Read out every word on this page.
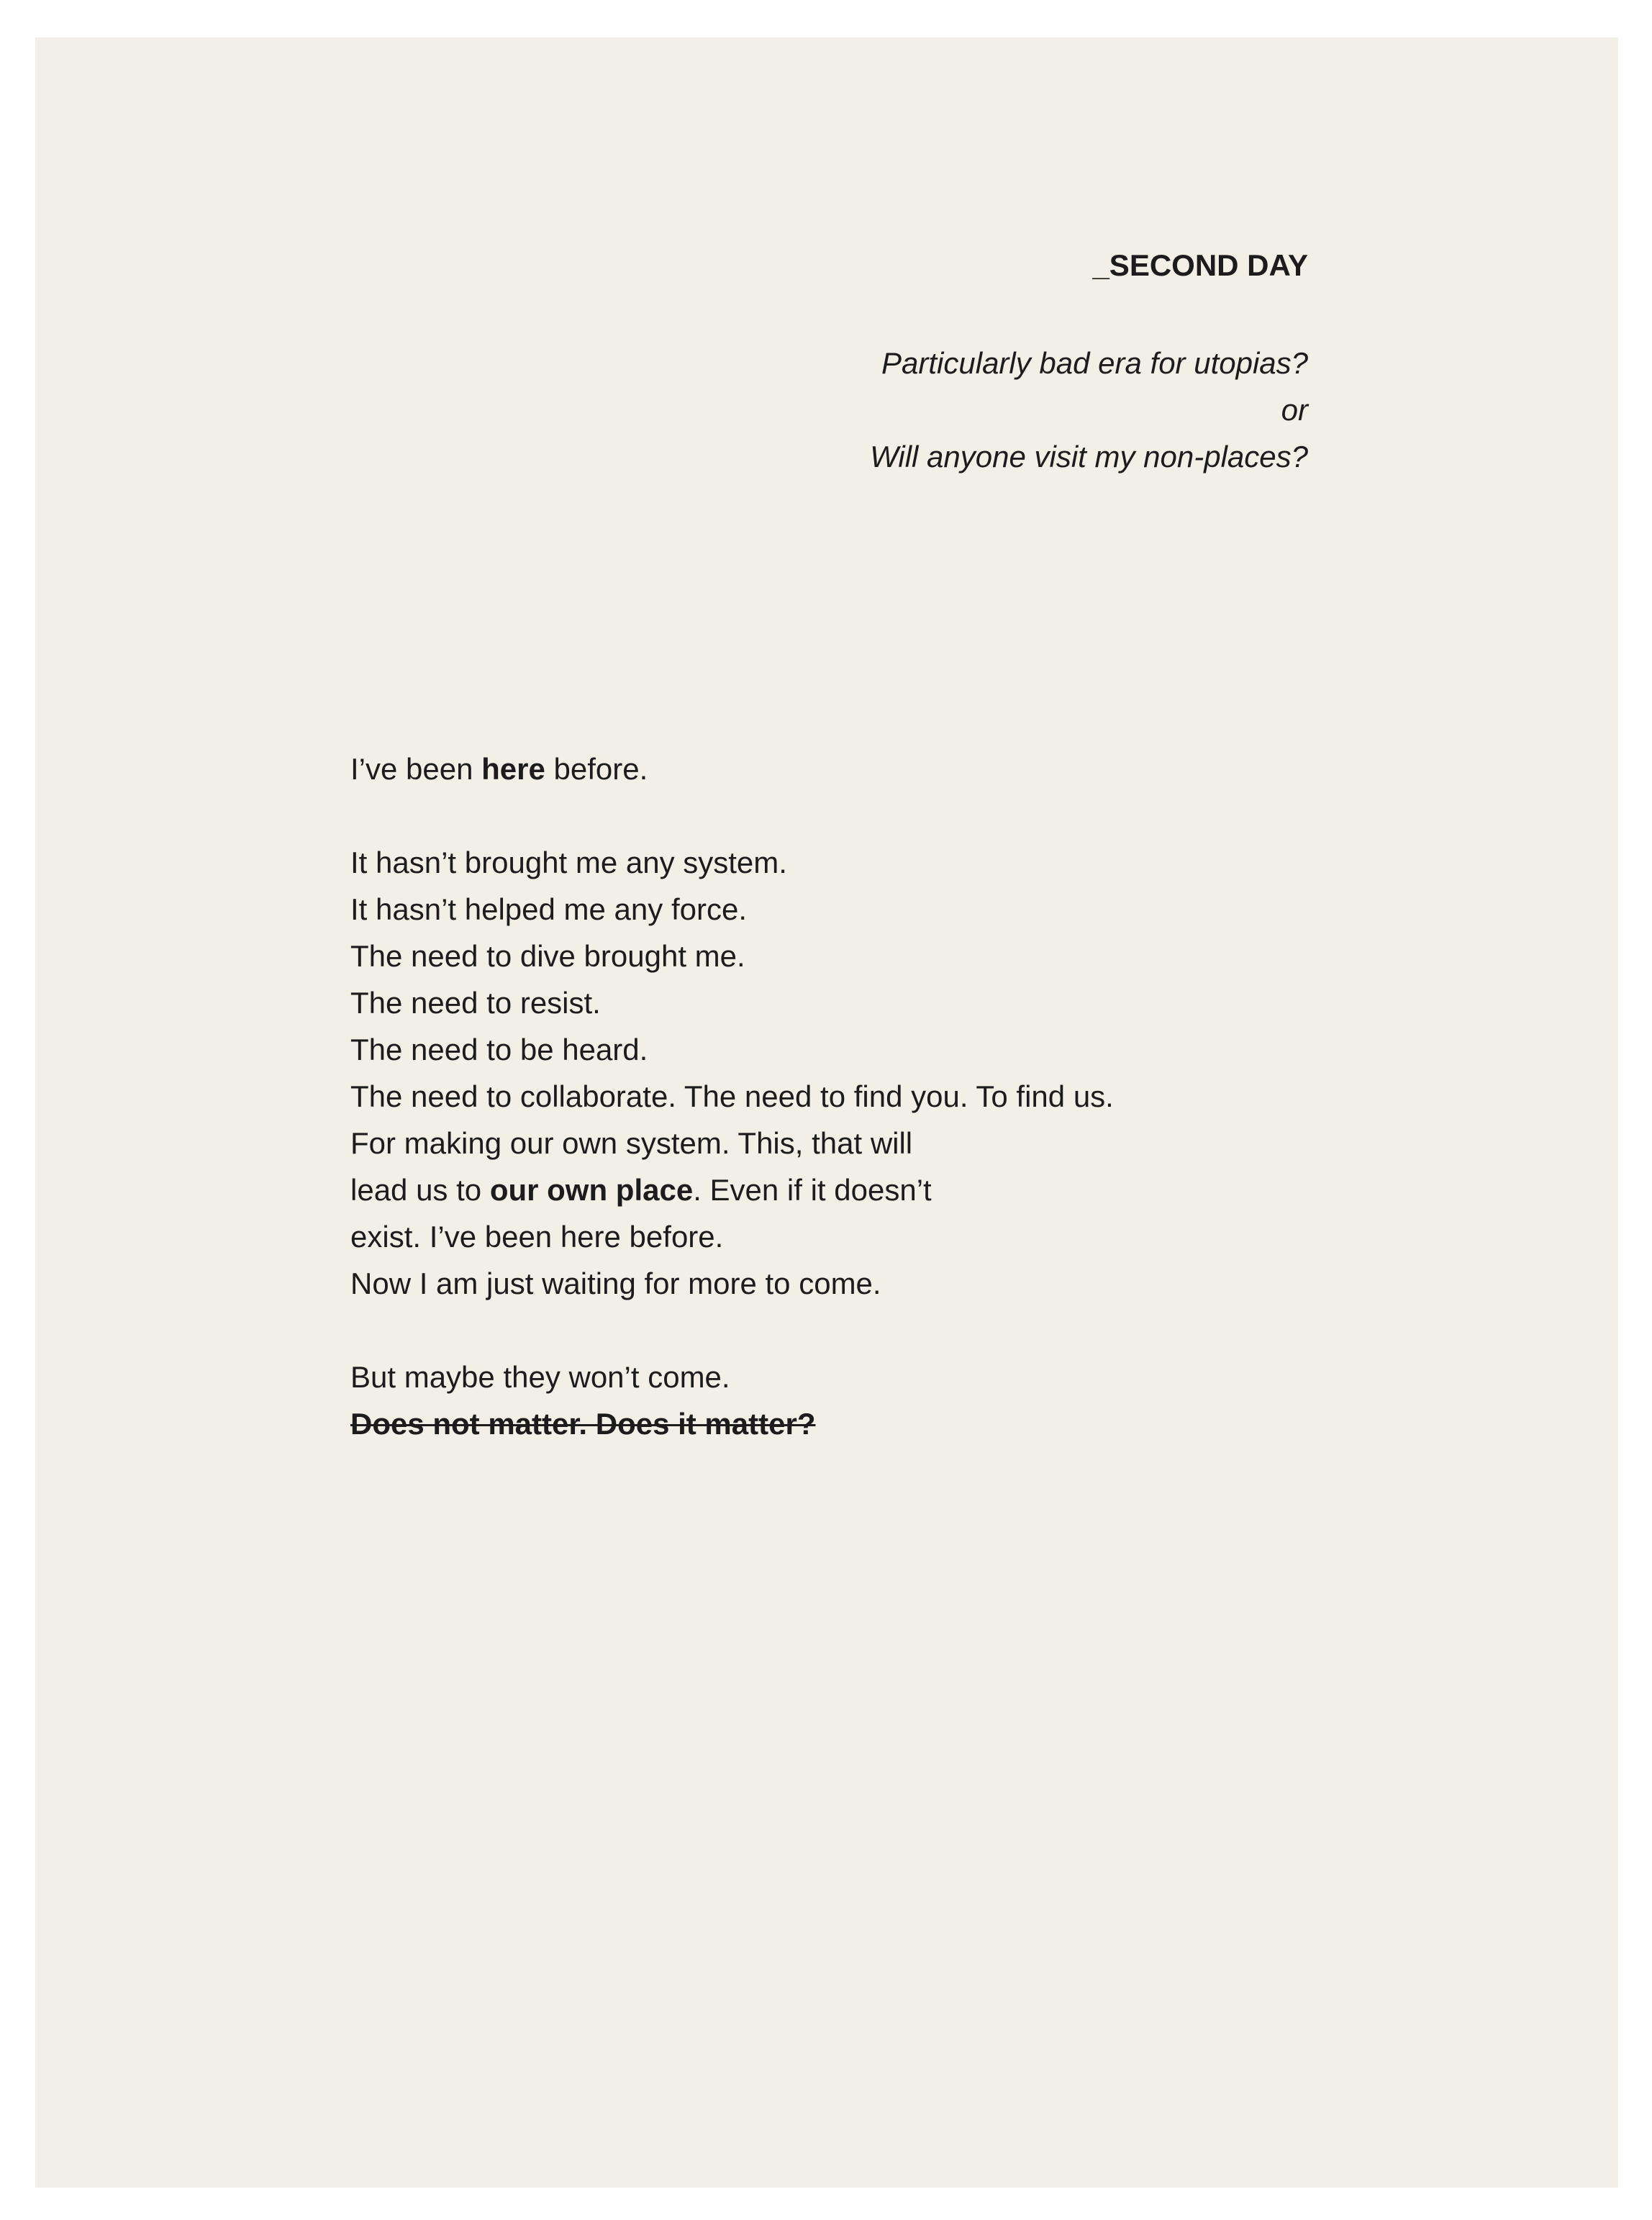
_SECOND DAY
Particularly bad era for utopias?
or
Will anyone visit my non-places?
I’ve been here before.
It hasn’t brought me any system.
It hasn’t helped me any force.
The need to dive brought me.
The need to resist.
The need to be heard.
The need to collaborate. The need to find you. To find us.
For making our own system. This, that will
lead us to our own place. Even if it doesn’t
exist. I’ve been here before.
Now I am just waiting for more to come.
But maybe they won’t come.
Does not matter. Does it matter?
